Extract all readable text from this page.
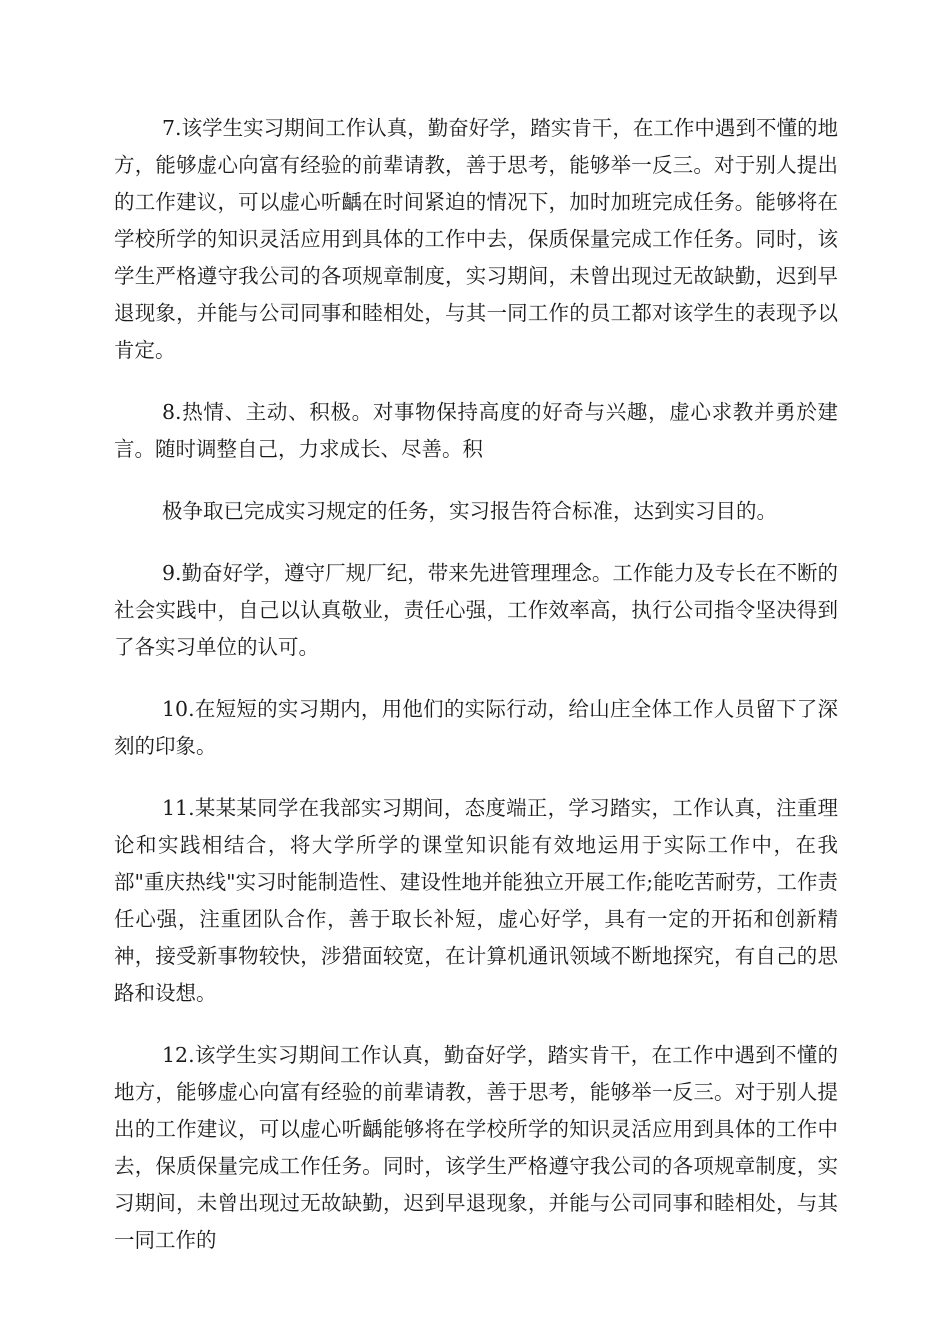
7.该学生实习期间工作认真，勤奋好学，踏实肯干，在工作中遇到不懂的地方，能够虚心向富有经验的前辈请教，善于思考，能够举一反三。对于别人提出的工作建议，可以虚心听齲在时间紧迫的情况下，加时加班完成任务。能够将在学校所学的知识灵活应用到具体的工作中去，保质保量完成工作任务。同时，该学生严格遵守我公司的各项规章制度，实习期间，未曾出现过无故缺勤，迟到早退现象，并能与公司同事和睦相处，与其一同工作的员工都对该学生的表现予以肯定。

8.热情、主动、积极。对事物保持高度的好奇与兴趣，虚心求教并勇於建言。随时调整自己，力求成长、尽善。积

极争取已完成实习规定的任务，实习报告符合标准，达到实习目的。

9.勤奋好学，遵守厂规厂纪，带来先进管理理念。工作能力及专长在不断的社会实践中，自己以认真敬业，责任心强，工作效率高，执行公司指令坚决得到了各实习单位的认可。

10.在短短的实习期内，用他们的实际行动，给山庄全体工作人员留下了深刻的印象。

11.某某某同学在我部实习期间，态度端正，学习踏实，工作认真，注重理论和实践相结合，将大学所学的课堂知识能有效地运用于实际工作中，在我部"重庆热线"实习时能制造性、建设性地并能独立开展工作;能吃苦耐劳，工作责任心强，注重团队合作，善于取长补短，虚心好学，具有一定的开拓和创新精神，接受新事物较快，涉猎面较宽，在计算机通讯领域不断地探究，有自己的思路和设想。

12.该学生实习期间工作认真，勤奋好学，踏实肯干，在工作中遇到不懂的地方，能够虚心向富有经验的前辈请教，善于思考，能够举一反三。对于别人提出的工作建议，可以虚心听齲能够将在学校所学的知识灵活应用到具体的工作中去，保质保量完成工作任务。同时，该学生严格遵守我公司的各项规章制度，实习期间，未曾出现过无故缺勤，迟到早退现象，并能与公司同事和睦相处，与其一同工作的
